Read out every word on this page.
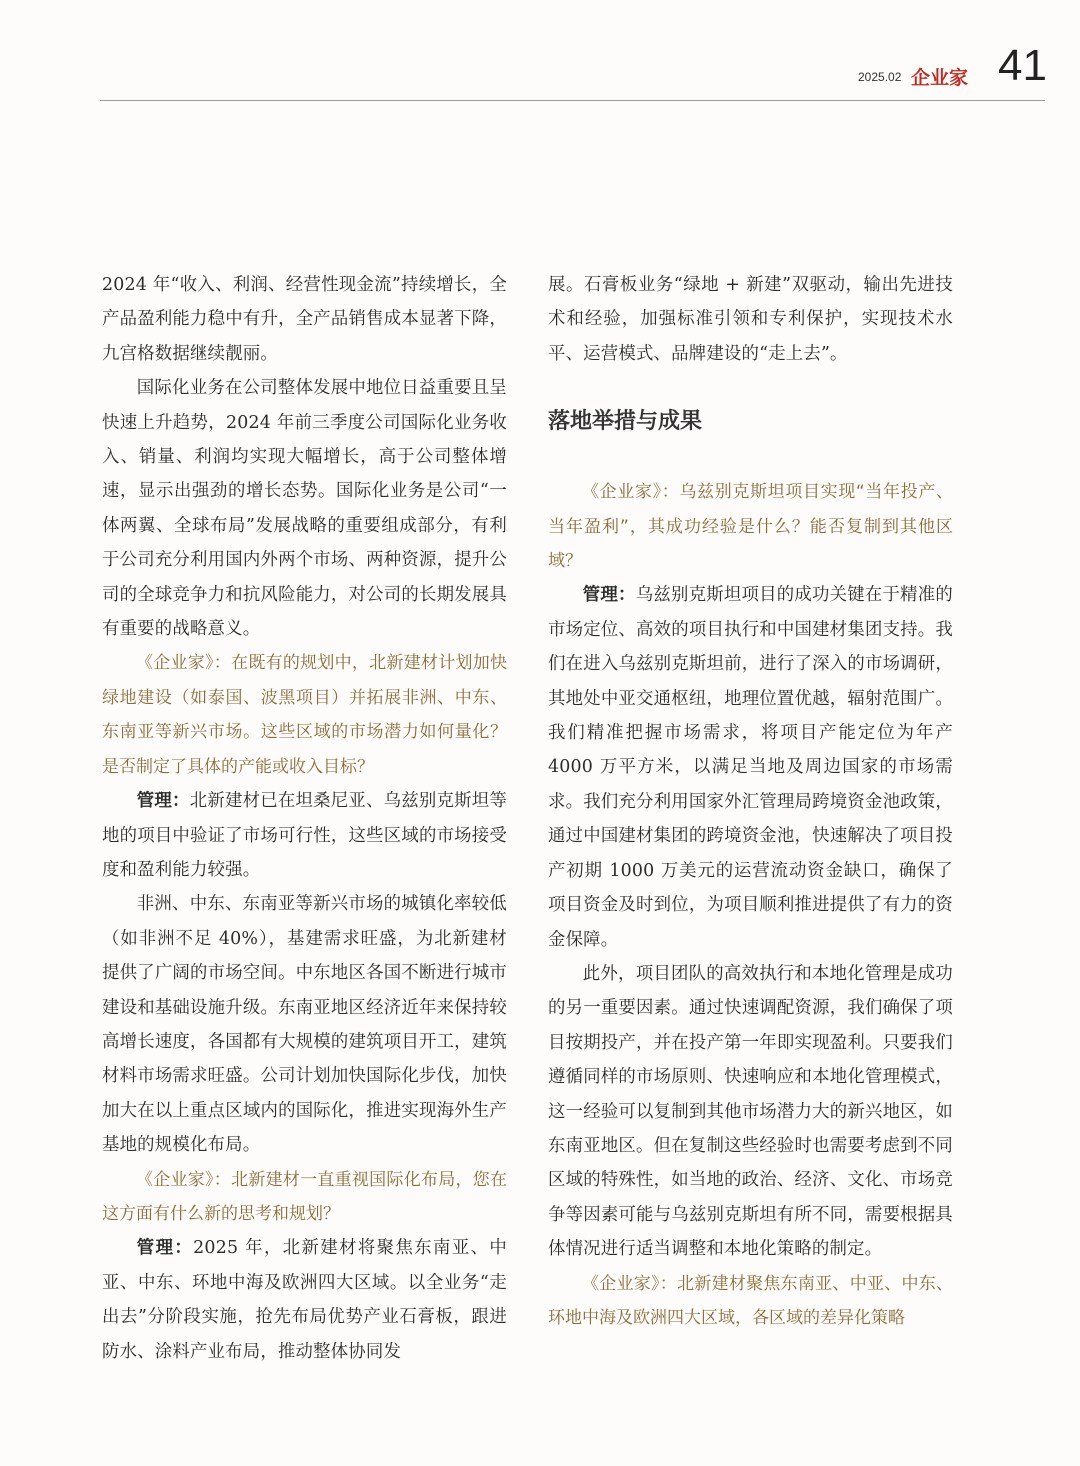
2025.02 企业家 41

2024 年“收入、利润、经营性现金流”持续增长，全产品盈利能力稳中有升，全产品销售成本显著下降，九宫格数据继续靓丽。

国际化业务在公司整体发展中地位日益重要且呈快速上升趋势，2024 年前三季度公司国际化业务收入、销量、利润均实现大幅增长，高于公司整体增速，显示出强劲的增长态势。国际化业务是公司“一体两翼、全球布局”发展战略的重要组成部分，有利于公司充分利用国内外两个市场、两种资源，提升公司的全球竞争力和抗风险能力，对公司的长期发展具有重要的战略意义。

《企业家》：在既有的规划中，北新建材计划加快绿地建设（如泰国、波黑项目）并拓展非洲、中东、东南亚等新兴市场。这些区域的市场潜力如何量化？是否制定了具体的产能或收入目标？

管理：北新建材已在坦桑尼亚、乌兹别克斯坦等地的项目中验证了市场可行性，这些区域的市场接受度和盈利能力较强。

非洲、中东、东南亚等新兴市场的城镇化率较低（如非洲不足 40%），基建需求旺盛，为北新建材提供了广阔的市场空间。中东地区各国不断进行城市建设和基础设施升级。东南亚地区经济近年来保持较高增长速度，各国都有大规模的建筑项目开工，建筑材料市场需求旺盛。公司计划加快国际化步伐，加快加大在以上重点区域内的国际化，推进实现海外生产基地的规模化布局。

《企业家》：北新建材一直重视国际化布局，您在这方面有什么新的思考和规划？

管理：2025 年，北新建材将聚焦东南亚、中亚、中东、环地中海及欧洲四大区域。以全业务“走出去”分阶段实施，抢先布局优势产业石膏板，跟进防水、涂料产业布局，推动整体协同发

展。石膏板业务“绿地 + 新建”双驱动，输出先进技术和经验，加强标准引领和专利保护，实现技术水平、运营模式、品牌建设的“走上去”。

落地举措与成果

《企业家》：乌兹别克斯坦项目实现“当年投产、当年盈利”，其成功经验是什么？能否复制到其他区域？

管理：乌兹别克斯坦项目的成功关键在于精准的市场定位、高效的项目执行和中国建材集团支持。我们在进入乌兹别克斯坦前，进行了深入的市场调研，其地处中亚交通枢纽，地理位置优越，辐射范围广。我们精准把握市场需求，将项目产能定位为年产 4000 万平方米，以满足当地及周边国家的市场需求。我们充分利用国家外汇管理局跨境资金池政策，通过中国建材集团的跨境资金池，快速解决了项目投产初期 1000 万美元的运营流动资金缺口，确保了项目资金及时到位，为项目顺利推进提供了有力的资金保障。

此外，项目团队的高效执行和本地化管理是成功的另一重要因素。通过快速调配资源，我们确保了项目按期投产，并在投产第一年即实现盈利。只要我们遵循同样的市场原则、快速响应和本地化管理模式，这一经验可以复制到其他市场潜力大的新兴地区，如东南亚地区。但在复制这些经验时也需要考虑到不同区域的特殊性，如当地的政治、经济、文化、市场竞争等因素可能与乌兹别克斯坦有所不同，需要根据具体情况进行适当调整和本地化策略的制定。

《企业家》：北新建材聚焦东南亚、中亚、中东、环地中海及欧洲四大区域，各区域的差异化策略
